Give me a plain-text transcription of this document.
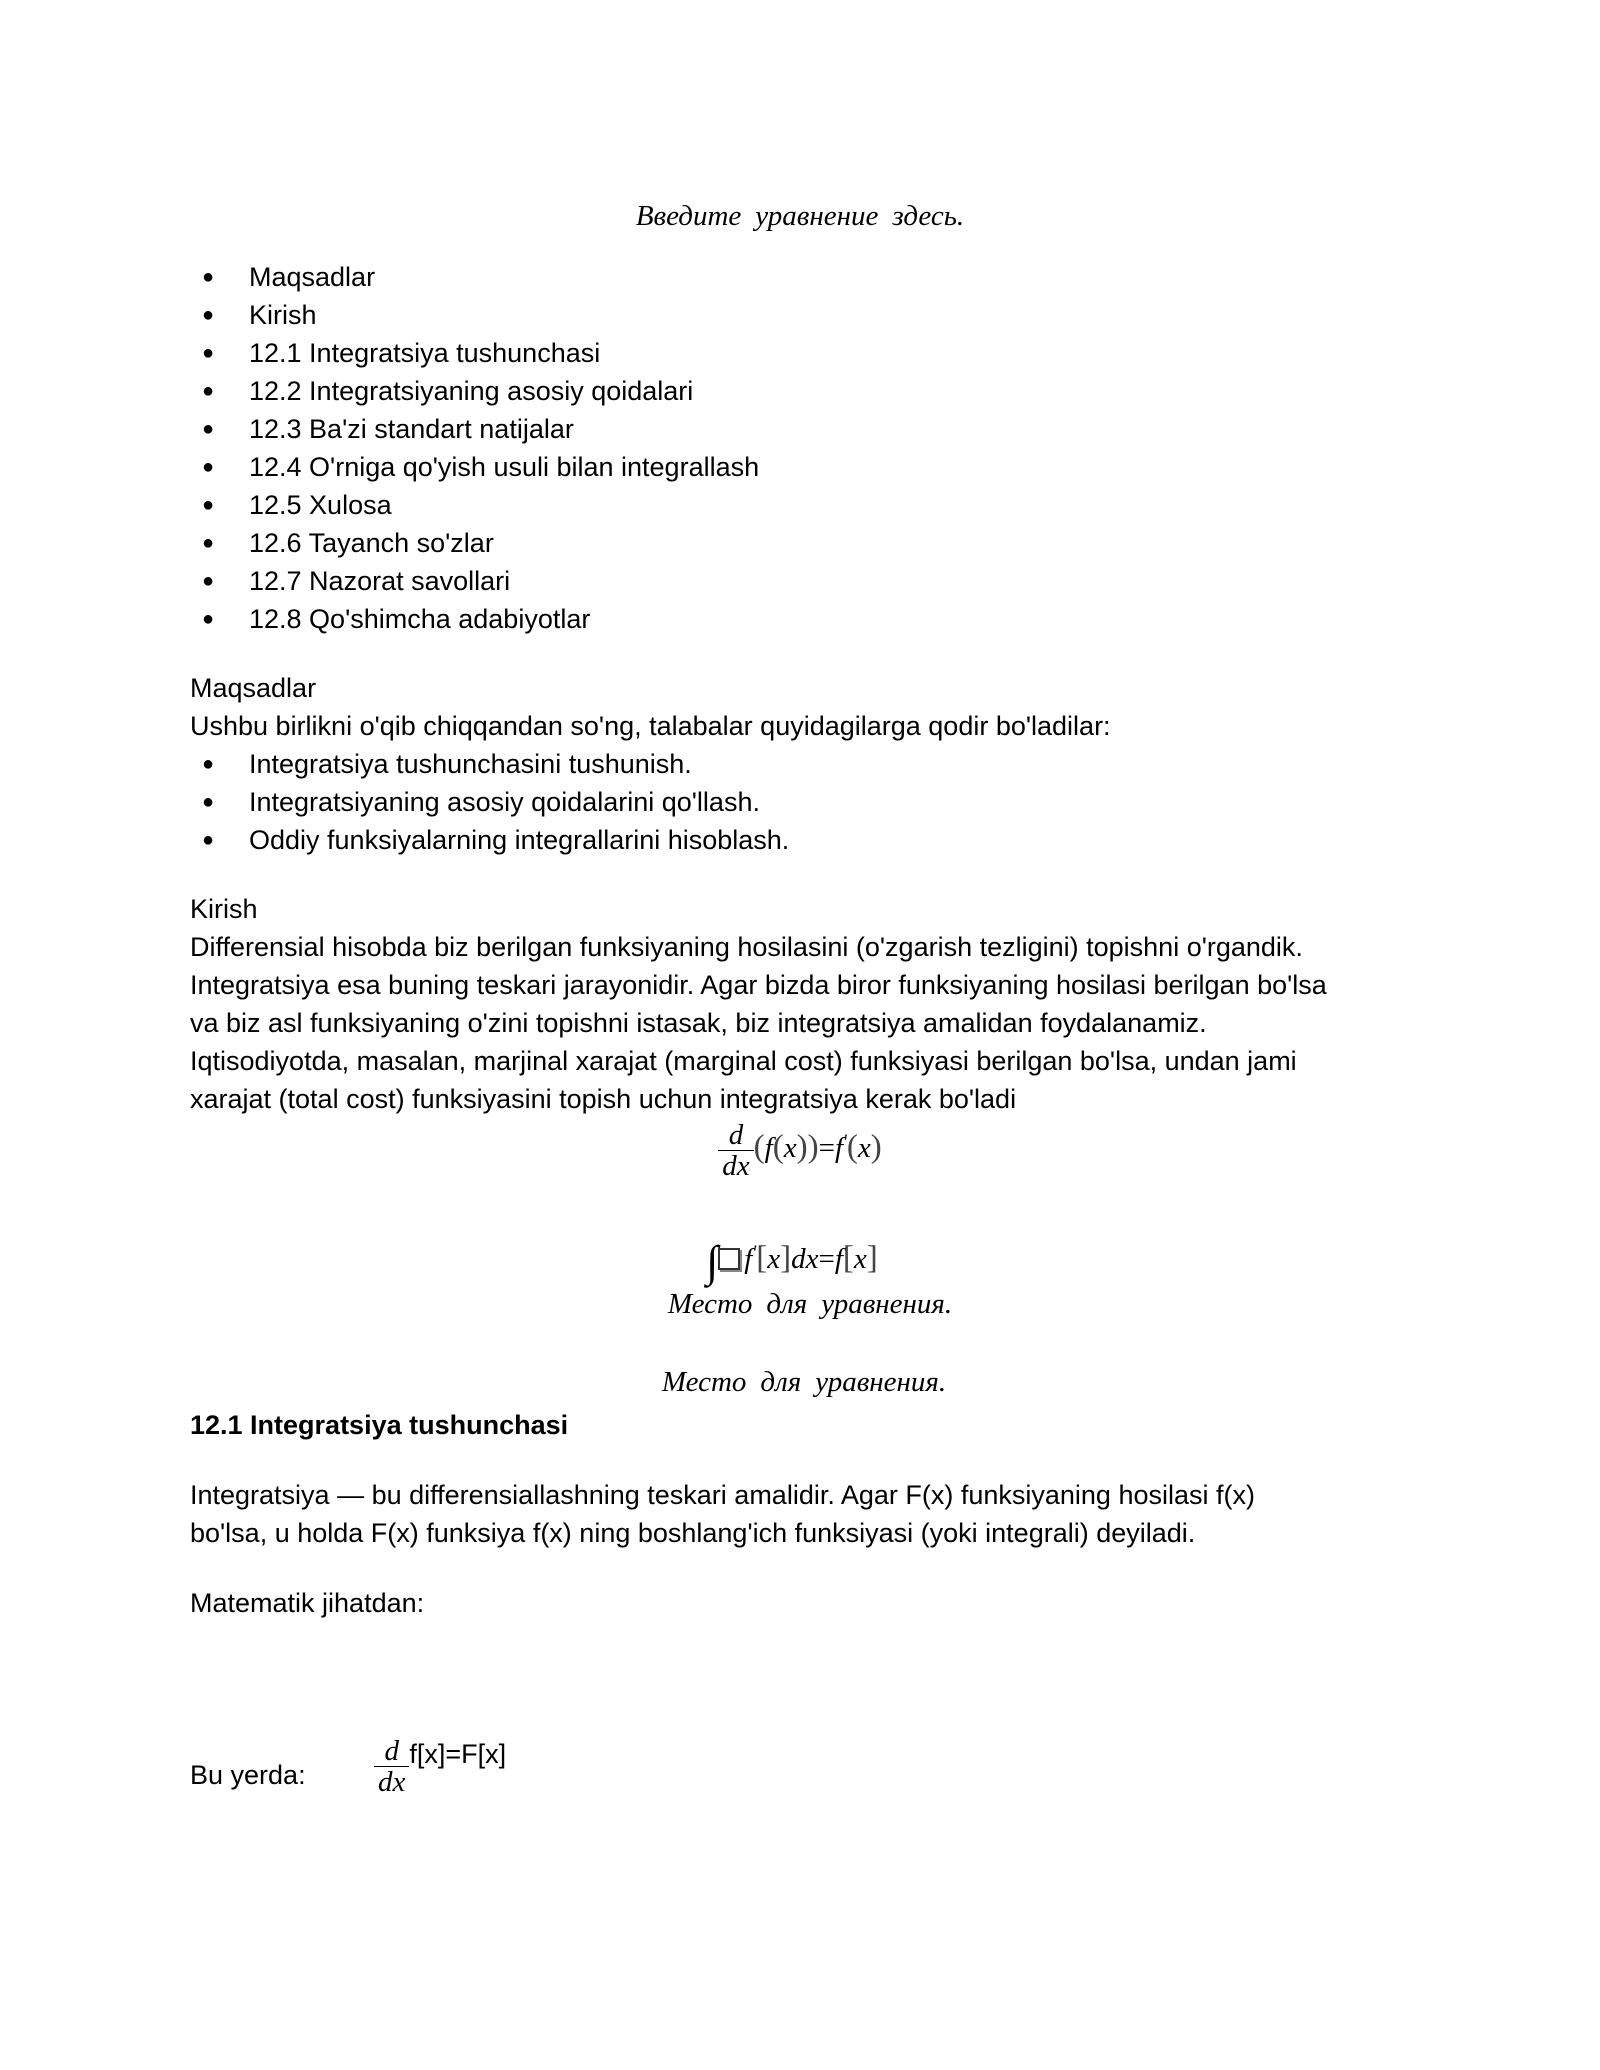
Введите уравнение здесь.
● Maqsadlar
● Kirish
● 12.1 Integratsiya tushunchasi
● 12.2 Integratsiyaning asosiy qoidalari
● 12.3 Ba'zi standart natijalar
● 12.4 O'rniga qo'yish usuli bilan integrallash
● 12.5 Xulosa
● 12.6 Tayanch so'zlar
● 12.7 Nazorat savollari
● 12.8 Qo'shimcha adabiyotlar
Maqsadlar
Ushbu birlikni o'qib chiqqandan so'ng, talabalar quyidagilarga qodir bo'ladilar:
● Integratsiya tushunchasini tushunish.
● Integratsiyaning asosiy qoidalarini qo'llash.
● Oddiy funksiyalarning integrallarini hisoblash.
Kirish
Differensial hisobda biz berilgan funksiyaning hosilasini (o'zgarish tezligini) topishni o'rgandik.
Integratsiya esa buning teskari jarayonidir. Agar bizda biror funksiyaning hosilasi berilgan bo'lsa
va biz asl funksiyaning o'zini topishni istasak, biz integratsiya amalidan foydalanamiz.
Iqtisodiyotda, masalan, marjinal xarajat (marginal cost) funksiyasi berilgan bo'lsa, undan jami
xarajat (total cost) funksiyasini topish uchun integratsiya kerak bo'ladi
$\frac{d}{dx} (f(x))=f'(x)$
∫ f'[x]dx=f[x]
Место для уравнения.
Место для уравнения.
12.1 Integratsiya tushunchasi
Integratsiya — bu differensiallashning teskari amalidir. Agar F(x) funksiyaning hosilasi f(x)
bo'lsa, u holda F(x) funksiya f(x) ning boshlang'ich funksiyasi (yoki integrali) deyiladi.
Matematik jihatdan:
Bu yerda: $\frac{d}{dx} f[x]=F[x]$
